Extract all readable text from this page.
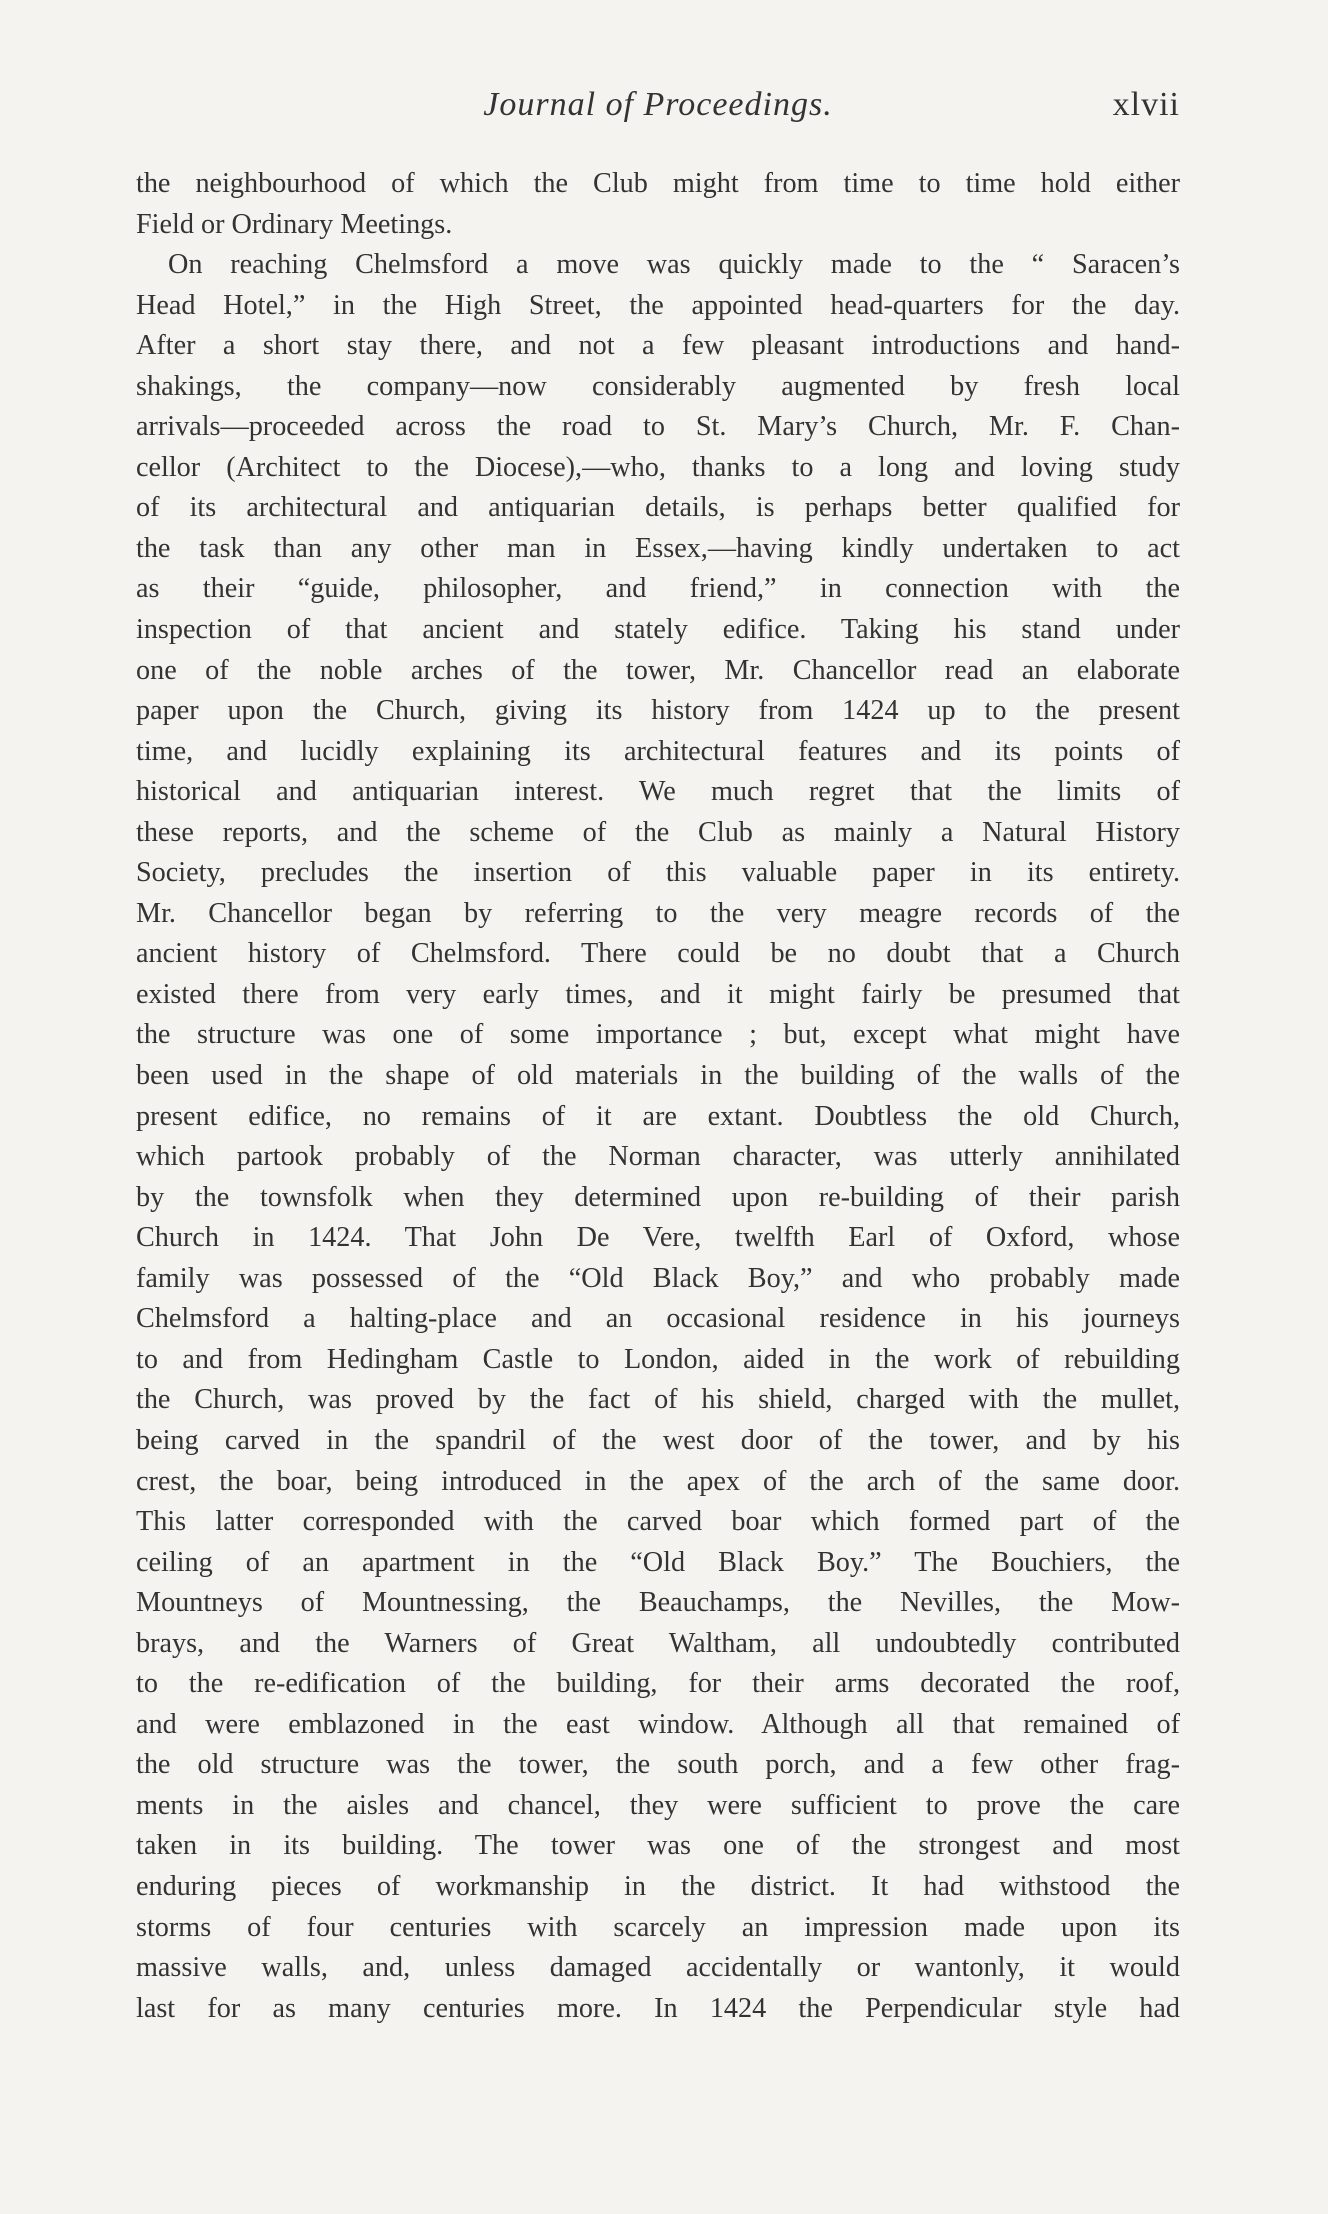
Journal of Proceedings.	xlvii
the neighbourhood of which the Club might from time to time hold either
Field or Ordinary Meetings.
On reaching Chelmsford a move was quickly made to the “ Saracen’s
Head Hotel,” in the High Street, the appointed head-quarters for the day.
After a short stay there, and not a few pleasant introductions and hand-
shakings, the company—now considerably augmented by fresh local
arrivals—proceeded across the road to St. Mary’s Church, Mr. F. Chan-
cellor (Architect to the Diocese),—who, thanks to a long and loving study
of its architectural and antiquarian details, is perhaps better qualified for
the task than any other man in Essex,—having kindly undertaken to act
as their “guide, philosopher, and friend,” in connection with the
inspection of that ancient and stately edifice. Taking his stand under
one of the noble arches of the tower, Mr. Chancellor read an elaborate
paper upon the Church, giving its history from 1424 up to the present
time, and lucidly explaining its architectural features and its points of
historical and antiquarian interest. We much regret that the limits of
these reports, and the scheme of the Club as mainly a Natural History
Society, precludes the insertion of this valuable paper in its entirety.
Mr. Chancellor began by referring to the very meagre records of the
ancient history of Chelmsford. There could be no doubt that a Church
existed there from very early times, and it might fairly be presumed that
the structure was one of some importance ; but, except what might have
been used in the shape of old materials in the building of the walls of the
present edifice, no remains of it are extant. Doubtless the old Church,
which partook probably of the Norman character, was utterly annihilated
by the townsfolk when they determined upon re-building of their parish
Church in 1424. That John De Vere, twelfth Earl of Oxford, whose
family was possessed of the “Old Black Boy,” and who probably made
Chelmsford a halting-place and an occasional residence in his journeys
to and from Hedingham Castle to London, aided in the work of rebuilding
the Church, was proved by the fact of his shield, charged with the mullet,
being carved in the spandril of the west door of the tower, and by his
crest, the boar, being introduced in the apex of the arch of the same door.
This latter corresponded with the carved boar which formed part of the
ceiling of an apartment in the “Old Black Boy.” The Bouchiers, the
Mountneys of Mountnessing, the Beauchamps, the Nevilles, the Mow-
brays, and the Warners of Great Waltham, all undoubtedly contributed
to the re-edification of the building, for their arms decorated the roof,
and were emblazoned in the east window. Although all that remained of
the old structure was the tower, the south porch, and a few other frag-
ments in the aisles and chancel, they were sufficient to prove the care
taken in its building. The tower was one of the strongest and most
enduring pieces of workmanship in the district. It had withstood the
storms of four centuries with scarcely an impression made upon its
massive walls, and, unless damaged accidentally or wantonly, it would
last for as many centuries more. In 1424 the Perpendicular style had
